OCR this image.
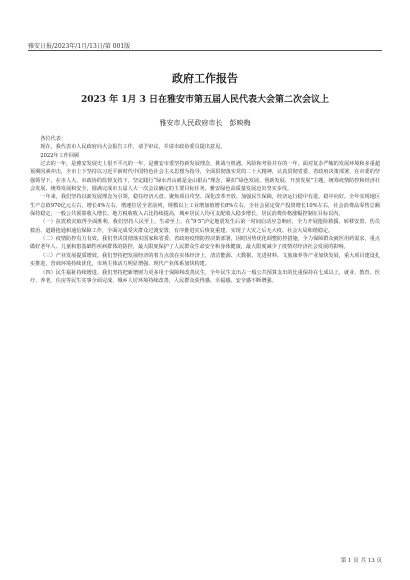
雅安日报/2023年/1月/13日/第 001版
政府工作报告
2023 年 1月 3 日在雅安市第五届人民代表大会第二次会议上
雅安市人民政府市长　彭映梅

各位代表：

现在，我代表市人民政府向大会报告工作，请予审议，并请市政协委员提出意见。

2022年工作回顾

过去的一年，是雅安发展史上很不平凡的一年，是雅安市委坚持新发展理念，挑战与机遇、风险和考验并存的一年。面对复杂严峻的发展环境和多重超预期因素冲击，全市上下坚持以习近平新时代中国特色社会主义思想为指导，全面贯彻落实党的二十大精神，认真贯彻省委、省政府决策部署，在市委的坚强领导下，在市人大、市政协的监督支持下，坚定践行“绿水青山就是金山银山”理念，紧扣“绿色发展、创新发展、开放发展”主题，统筹疫情防控和经济社会发展，统筹发展和安全，圆满完成市五届人大一次会议确定的主要目标任务，雅安绿色高质量发展迈出坚实步伐。

一年来，我们坚持以新发展理念为引领，稳住经济大盘、聚焦项目攻坚、深化改革开放、加强民生保障，经济运行稳中有进、稳中向好。全年实现地区生产总值970亿元左右，增长4%左右，增速位居全省前列。规模以上工业增加值增长8%左右，全社会固定资产投资增长10%左右，社会消费品零售总额保持稳定，一般公共预算收入增长、地方税收收入占比持续提高，城乡居民人均可支配收入稳步增长，居民消费价格涨幅控制在目标以内。

（一）抗震救灾取得全面胜利。我们坚持人民至上、生命至上，在“9·5”泸定地震发生后第一时间启动应急响应，全力开展抢险救援、转移安置、伤员救治、道路抢通和通信保障工作，全面完成受灾群众过渡安置，有序推进灾后恢复重建，实现了大灾之后无大疫、社会大局和谐稳定。

（二）疫情防控有力有效。我们坚决贯彻落实国家和省委、省政府疫情防控决策部署，因时因势优化调整防控措施，全力保障群众就医用药需求，重点做好老年人、儿童和患基础性疾病群体的防控，最大限度保护了人民群众生命安全和身体健康，最大限度减少了疫情对经济社会发展的影响。

（三）产业发展提质增效。我们坚持把发展经济的着力点放在实体经济上，清洁能源、大数据、先进材料、文旅康养等产业加快发展，重大项目建设扎实推进，营商环境持续优化，市场主体活力明显增强，现代产业体系加快构建。

（四）民生福祉持续增进。我们坚持把新增财力更多用于保障和改善民生，全年民生支出占一般公共预算支出的比重保持在七成以上，就业、教育、医疗、养老、住房等民生实事全面完成，城乡人居环境持续改善，人民群众获得感、幸福感、安全感不断增强。

第 1 页 共 13 页
